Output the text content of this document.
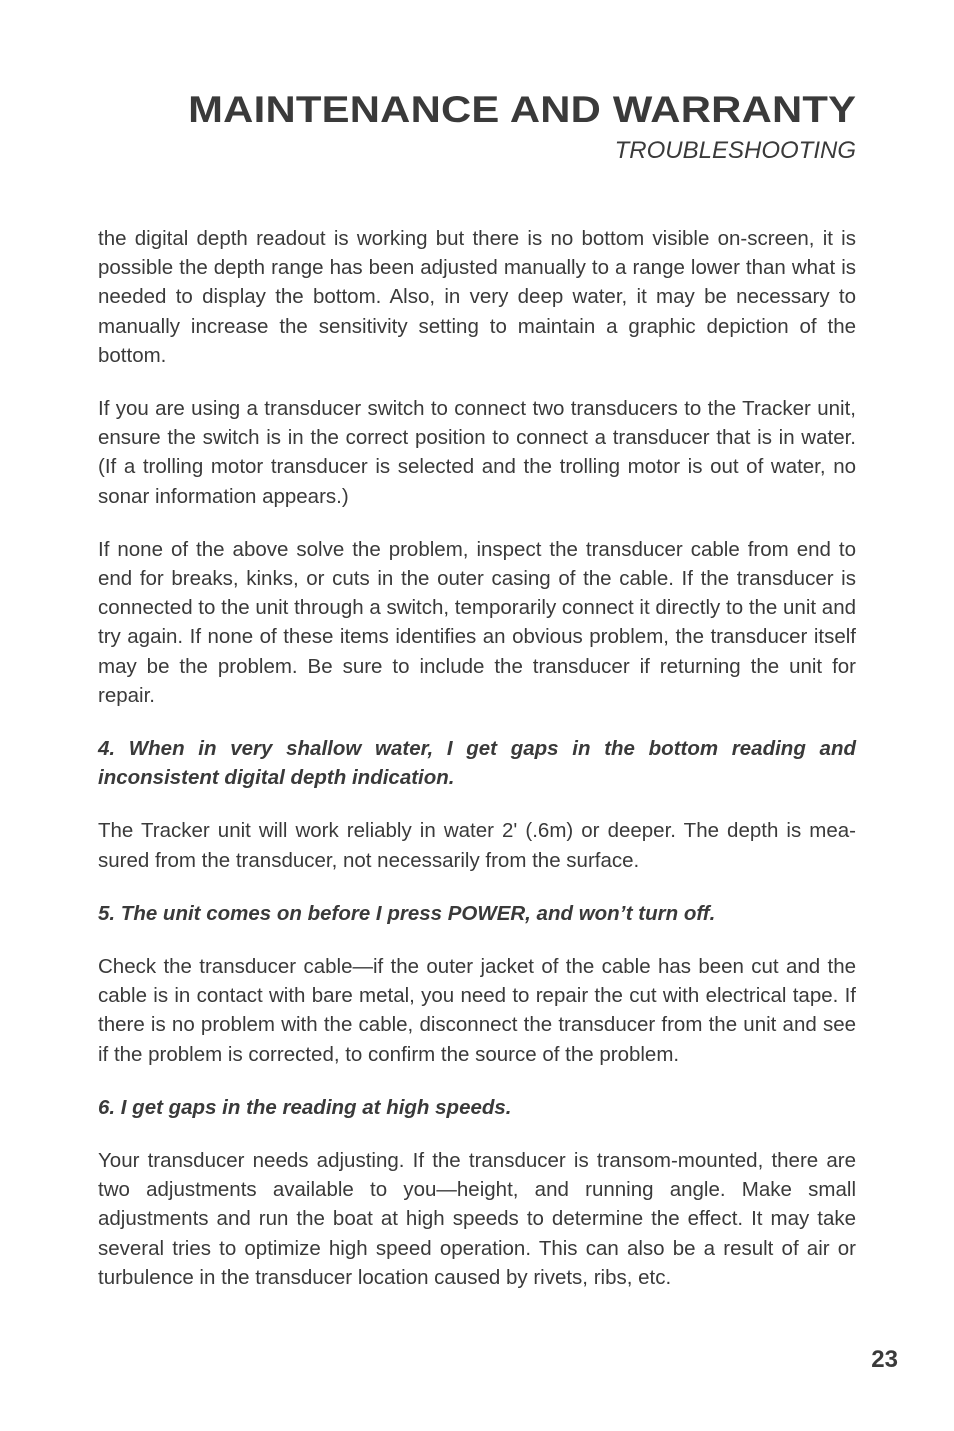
MAINTENANCE AND WARRANTY
TROUBLESHOOTING

the digital depth readout is working but there is no bottom visible on-screen, it is possible the depth range has been adjusted manually to a range lower than what is needed to display the bottom. Also, in very deep water, it may be necessary to manually increase the sensitivity setting to maintain a graphic depiction of the bottom.

If you are using a transducer switch to connect two transducers to the Tracker unit, ensure the switch is in the correct position to connect a transducer that is in water. (If a trolling motor transducer is selected and the trolling motor is out of water, no sonar information appears.)

If none of the above solve the problem, inspect the transducer cable from end to end for breaks, kinks, or cuts in the outer casing of the cable. If the transducer is connected to the unit through a switch, temporarily connect it directly to the unit and try again. If none of these items identifies an obvious problem, the transducer itself may be the problem. Be sure to include the transducer if returning the unit for repair.

4. When in very shallow water, I get gaps in the bottom reading and inconsistent digital depth indication.

The Tracker unit will work reliably in water 2' (.6m) or deeper. The depth is measured from the transducer, not necessarily from the surface.

5. The unit comes on before I press POWER, and won’t turn off.

Check the transducer cable—if the outer jacket of the cable has been cut and the cable is in contact with bare metal, you need to repair the cut with electrical tape. If there is no problem with the cable, disconnect the transducer from the unit and see if the problem is corrected, to confirm the source of the problem.

6. I get gaps in the reading at high speeds.

Your transducer needs adjusting. If the transducer is transom-mounted, there are two adjustments available to you—height, and running angle. Make small adjustments and run the boat at high speeds to determine the effect. It may take several tries to optimize high speed operation. This can also be a result of air or turbulence in the transducer location caused by rivets, ribs, etc.

23
